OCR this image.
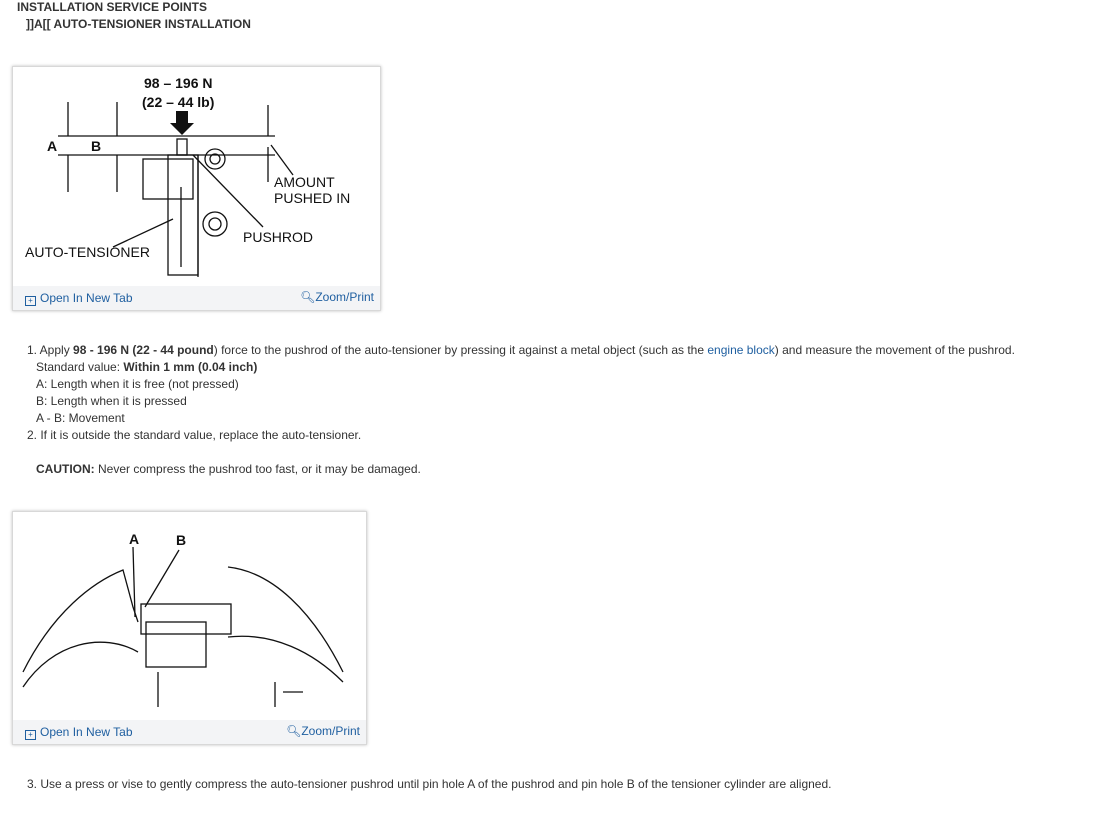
INSTALLATION SERVICE POINTS
]]A[[ AUTO-TENSIONER INSTALLATION
98 – 196 N
(22 – 44 lb)
A B
AMOUNT
PUSHED IN
PUSHROD
AUTO-TENSIONER
+ Open In New Tab	🔍︎Zoom/Print
1. Apply 98 - 196 N (22 - 44 pound) force to the pushrod of the auto-tensioner by pressing it against a metal object (such as the engine block) and measure the movement of the pushrod.
Standard value: Within 1 mm (0.04 inch)
A: Length when it is free (not pressed)
B: Length when it is pressed
A - B: Movement
2. If it is outside the standard value, replace the auto-tensioner.
CAUTION: Never compress the pushrod too fast, or it may be damaged.
A	B
+ Open In New Tab	🔍︎Zoom/Print
3. Use a press or vise to gently compress the auto-tensioner pushrod until pin hole A of the pushrod and pin hole B of the tensioner cylinder are aligned.
